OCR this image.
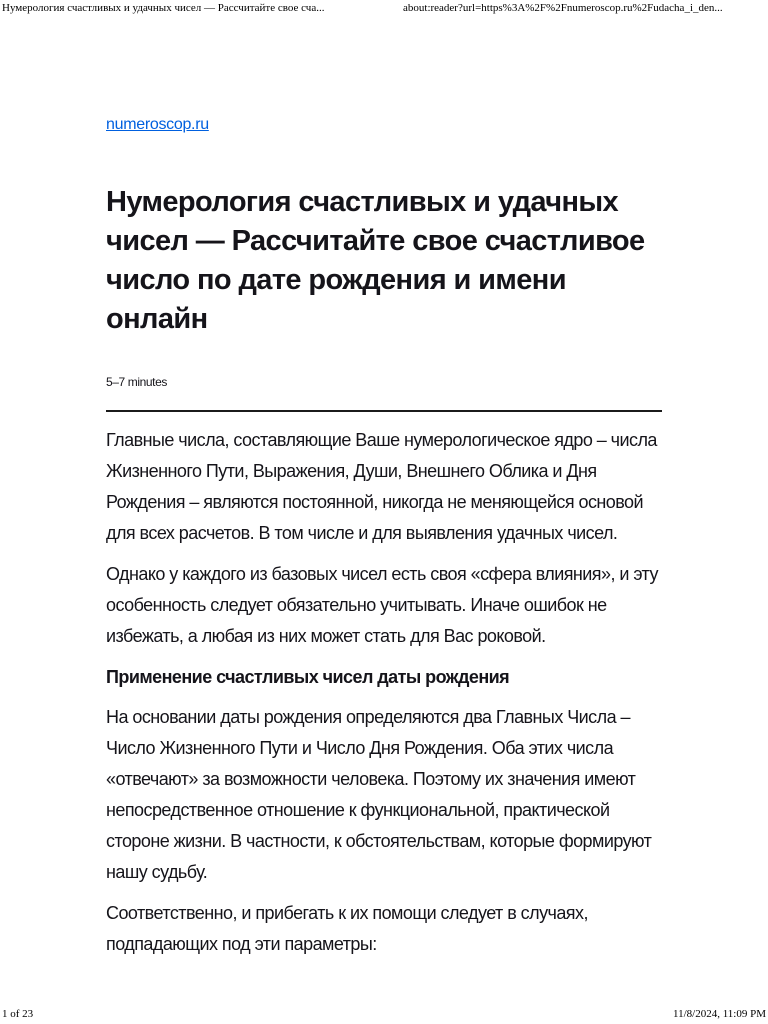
Нумерология счастливых и удачных чисел — Рассчитайте свое сча...	about:reader?url=https%3A%2F%2Fnumeroscop.ru%2Fudacha_i_den...
numeroscop.ru
Нумерология счастливых и удачных чисел — Рассчитайте свое счастливое число по дате рождения и имени онлайн
5–7 minutes

Главные числа, составляющие Ваше нумерологическое ядро – числа Жизненного Пути, Выражения, Души, Внешнего Облика и Дня Рождения – являются постоянной, никогда не меняющейся основой для всех расчетов. В том числе и для выявления удачных чисел.

Однако у каждого из базовых чисел есть своя «сфера влияния», и эту особенность следует обязательно учитывать. Иначе ошибок не избежать, а любая из них может стать для Вас роковой.

Применение счастливых чисел даты рождения

На основании даты рождения определяются два Главных Числа – Число Жизненного Пути и Число Дня Рождения. Оба этих числа «отвечают» за возможности человека. Поэтому их значения имеют непосредственное отношение к функциональной, практической стороне жизни. В частности, к обстоятельствам, которые формируют нашу судьбу.

Соответственно, и прибегать к их помощи следует в случаях, подпадающих под эти параметры:

1 of 23	11/8/2024, 11:09 PM
